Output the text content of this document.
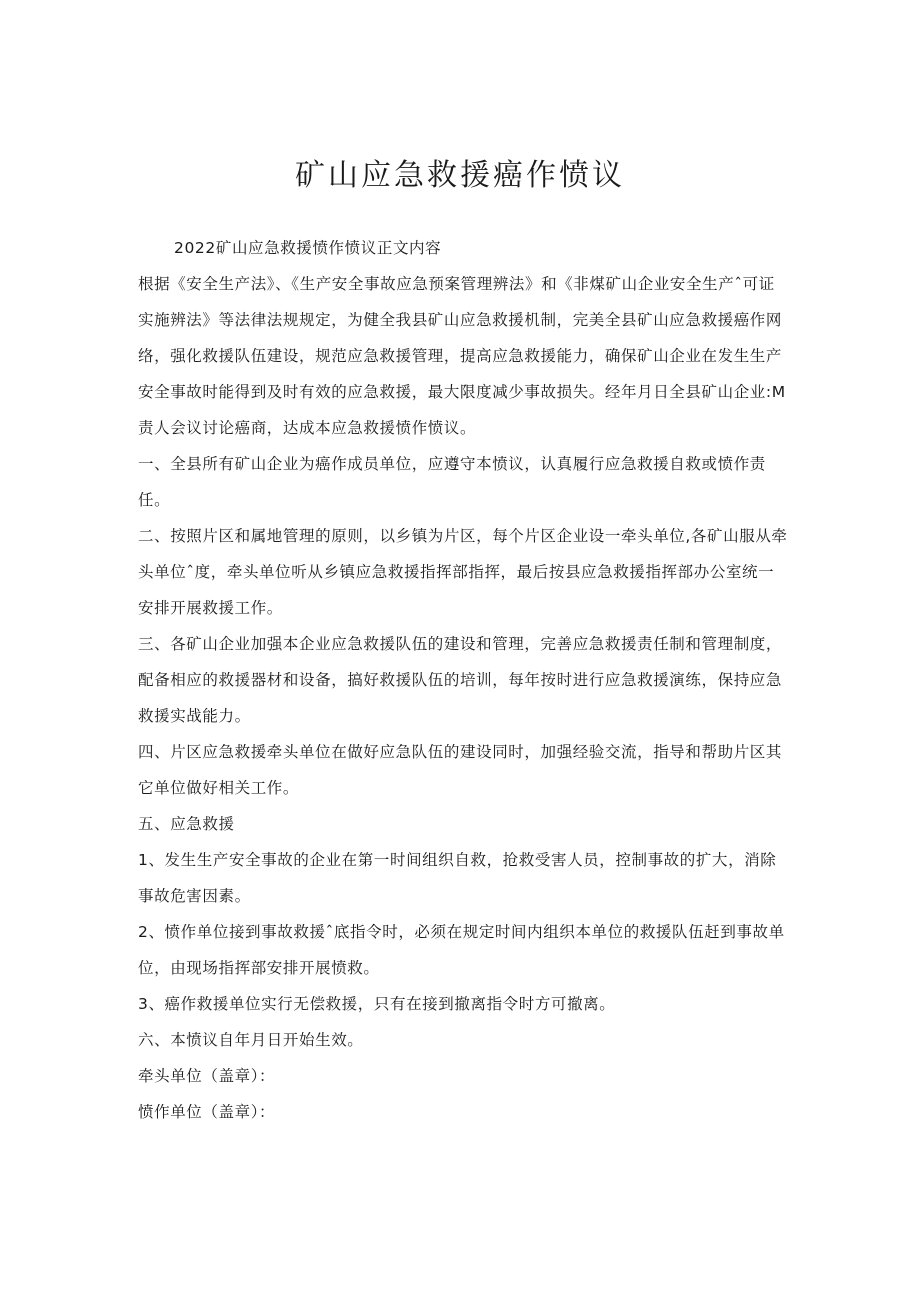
矿山应急救援癌作愤议

2022矿山应急救援愤作愤议正文内容

根据《安全生产法》、《生产安全事故应急预案管理辨法》和《非煤矿山企业安全生产ˆ可证实施辨法》等法律法规规定，为健全我县矿山应急救援机制，完美全县矿山应急救援癌作网络，强化救援队伍建设，规范应急救援管理，提高应急救援能力，确保矿山企业在发生生产安全事故时能得到及时有效的应急救援，最大限度减少事故损失。经年月日全县矿山企业:M责人会议讨论癌商，达成本应急救援愤作愤议。

一、全县所有矿山企业为癌作成员单位，应遵守本愤议，认真履行应急救援自救或愤作责任。

二、按照片区和属地管理的原则，以乡镇为片区，每个片区企业设一牵头单位,各矿山服从牵头单位ˆ度，牵头单位听从乡镇应急救援指挥部指挥，最后按县应急救援指挥部办公室统一安排开展救援工作。

三、各矿山企业加强本企业应急救援队伍的建设和管理，完善应急救援责任制和管理制度，配备相应的救援器材和设备，搞好救援队伍的培训，每年按时进行应急救援演练，保持应急救援实战能力。

四、片区应急救援牵头单位在做好应急队伍的建设同时，加强经验交流，指导和帮助片区其它单位做好相关工作。

五、应急救援

1、发生生产安全事故的企业在第一时间组织自救，抢救受害人员，控制事故的扩大，消除事故危害因素。

2、愤作单位接到事故救援ˆ底指令时，必须在规定时间内组织本单位的救援队伍赶到事故单位，由现场指挥部安排开展愤救。

3、癌作救援单位实行无偿救援，只有在接到撤离指令时方可撤离。

六、本愤议自年月日开始生效。

牵头单位（盖章）：

愤作单位（盖章）：
